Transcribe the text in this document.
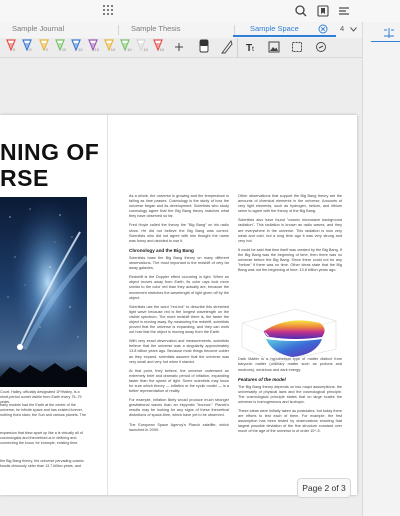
Sample Journal	Sample Thesis	Sample Space	4
0	0	0	10	10	10	10	10	10	10	T t
NING OF
RSE
Court. Halley, officially designated 1P/Halley, is a short-period comet visible from Earth every 75–79 years.
early models had the Earth at the center of the universe; he infinite space and has existed forever, nothing fixed stars; the Sun and various planets. The
expansion that blew apart up like a is virtually all of cosmologists and theoretical us in defining and connecting the know, for example, existing time.
the Big Bang theory, the universe pervading cosmic fossils obviously older than 13.7 billion years, and

As a whole, the universe is growing and the temperature is falling as time passes. Cosmology is the study of how the universe began and its development. Scientists who study cosmology agree that the Big Bang theory matches what they have observed so far.

Fred Hoyle called the theory the "Big Bang" on his radio show. He did not believe the Big Bang was correct. Scientists who did not agree with him thought the name was funny and decided to use it.

Chronology and the Big Bang

Scientists base the Big Bang theory on many different observations. The most important is the redshift of very far away galaxies.

Redshift is the Doppler effect occurring in light. When an object moves away from Earth, its color rays look more similar to the color red than they actually are, because the movement stretches the wavelength of light given off by the object.

Scientists use the word "red-hot" to describe this stretched light wave because red is the longest wavelength on the visible spectrum. The more redshift there is, the faster the object is moving away. By measuring the redshift, scientists proved that the universe is expanding, and they can work out how fast the object is moving away from the Earth.

With very exact observation and measurements, scientists believe that the universe was a singularity approximately 13.8 billion years ago. Because most things become colder as they expand, scientists assume that the universe was very small and very hot when it started.

At that point, they believe, the universe underwent an extremely brief and dramatic period of inflation, expanding faster than the speed of light. Some scientists may know for sure which theory — inflation or the cyclic model — is a better representation of reality.

For example, Inflation likely would produce much stronger gravitational waves than an ekpyrotic "bounce." Planck's results may be looking for any signs of these theoretical distortions of space-time, which have yet to be observed.

The European Space Agency's Planck satellite, which launched in 2009.

Other observations that support the Big Bang theory are the amounts of chemical elements in the universe. Amounts of very light elements, such as hydrogen, helium, and lithium seem to agree with the theory of the Big Bang.

Scientists also have found "cosmic microwave background radiation". This radiation is known as radio waves, and they are everywhere in the universe. This radiation is now very weak and cold, but a long time ago it was very strong and very hot.

It could be said that time itself was created by the Big Bang. If the Big Bang was the beginning of time, then there was no universe before the Big Bang. Since there could not be any "before" if there was no time. Other ideas state that the Big Bang was not the beginning of time: 13.8 billion years ago.

Dark Matter is a hypothetical type of matter distinct from baryonic matter (ordinary matter such as protons and neutrons), neutrinos and dark energy.

Features of the model

The Big Bang theory depends on two major assumptions: the universality of physical laws and the cosmological principle. The cosmological principle states that on large scales the universe is homogeneous and isotropic.

These ideas were initially taken as postulates, but today there are efforts to test each of them. For example, the first assumption has been tested by observations showing that largest possible deviation of the fine structure constant over much of the age of the universe is of order 10^-5.

Page 2 of 3
